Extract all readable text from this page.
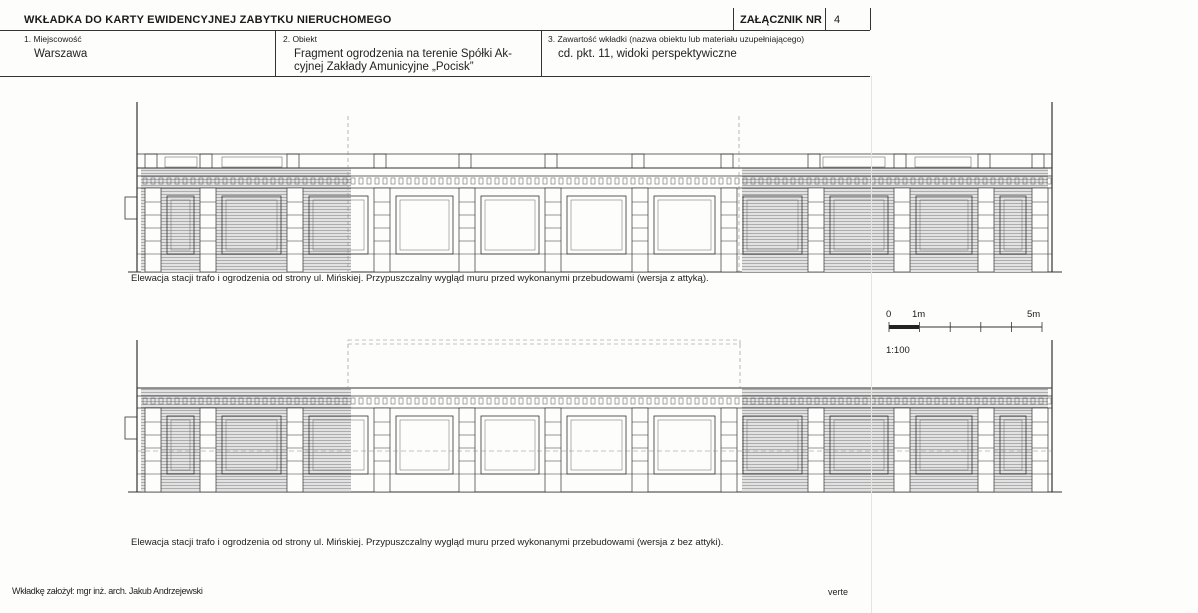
WKŁADKA DO KARTY EWIDENCYJNEJ ZABYTKU NIERUCHOMEGO	ZAŁĄCZNIK NR 4
1. Miejscowość
Warszawa
2. Obiekt
Fragment ogrodzenia na terenie Spółki Ak-
cyjnej Zakłady Amunicyjne „Pocisk”
3. Zawartość wkładki (nazwa obiektu lub materiału uzupełniającego)
cd. pkt. 11, widoki perspektywiczne
Elewacja stacji trafo i ogrodzenia od strony ul. Mińskiej. Przypuszczalny wygląd muru przed wykonanymi przebudowami (wersja z attyką).
Elewacja stacji trafo i ogrodzenia od strony ul. Mińskiej. Przypuszczalny wygląd muru przed wykonanymi przebudowami (wersja z bez attyki).
0 1m	5m
1:100
Wkładkę założył: mgr inż. arch. Jakub Andrzejewski	verte
